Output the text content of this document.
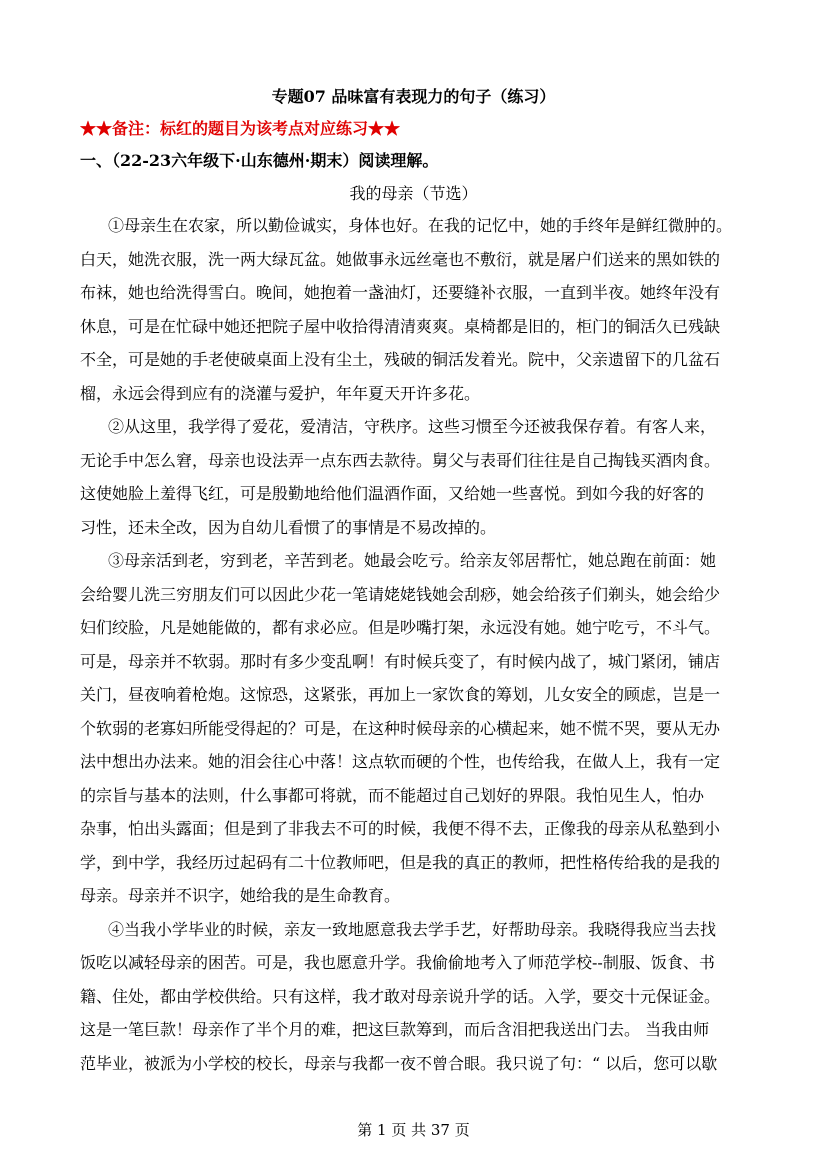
专题07 品味富有表现力的句子（练习）
★★备注：标红的题目为该考点对应练习★★
一、（22-23六年级下·山东德州·期末）阅读理解。
我的母亲（节选）
①母亲生在农家，所以勤俭诚实，身体也好。在我的记忆中，她的手终年是鲜红微肿的。
白天，她洗衣服，洗一两大绿瓦盆。她做事永远丝毫也不敷衍，就是屠户们送来的黑如铁的
布袜，她也给洗得雪白。晚间，她抱着一盏油灯，还要缝补衣服，一直到半夜。她终年没有
休息，可是在忙碌中她还把院子屋中收拾得清清爽爽。桌椅都是旧的，柜门的铜活久已残缺
不全，可是她的手老使破桌面上没有尘土，残破的铜活发着光。院中，父亲遗留下的几盆石
榴，永远会得到应有的浇灌与爱护，年年夏天开许多花。
②从这里，我学得了爱花，爱清洁，守秩序。这些习惯至今还被我保存着。有客人来，
无论手中怎么窘，母亲也设法弄一点东西去款待。舅父与表哥们往往是自己掏钱买酒肉食。
这使她脸上羞得飞红，可是殷勤地给他们温酒作面，又给她一些喜悦。到如今我的好客的
习性，还未全改，因为自幼儿看惯了的事情是不易改掉的。
③母亲活到老，穷到老，辛苦到老。她最会吃亏。给亲友邻居帮忙，她总跑在前面：她
会给婴儿洗三穷朋友们可以因此少花一笔请姥姥钱她会刮痧，她会给孩子们剃头，她会给少
妇们绞脸，凡是她能做的，都有求必应。但是吵嘴打架，永远没有她。她宁吃亏，不斗气。
可是，母亲并不软弱。那时有多少变乱啊！有时候兵变了，有时候内战了，城门紧闭，铺店
关门，昼夜响着枪炮。这惊恐，这紧张，再加上一家饮食的筹划，儿女安全的顾虑，岂是一
个软弱的老寡妇所能受得起的？可是，在这种时候母亲的心横起来，她不慌不哭，要从无办
法中想出办法来。她的泪会往心中落！这点软而硬的个性，也传给我，在做人上，我有一定
的宗旨与基本的法则，什么事都可将就，而不能超过自己划好的界限。我怕见生人，怕办
杂事，怕出头露面；但是到了非我去不可的时候，我便不得不去，正像我的母亲从私塾到小
学，到中学，我经历过起码有二十位教师吧，但是我的真正的教师，把性格传给我的是我的
母亲。母亲并不识字，她给我的是生命教育。
④当我小学毕业的时候，亲友一致地愿意我去学手艺，好帮助母亲。我晓得我应当去找
饭吃以减轻母亲的困苦。可是，我也愿意升学。我偷偷地考入了师范学校--制服、饭食、书
籍、住处，都由学校供给。只有这样，我才敢对母亲说升学的话。入学，要交十元保证金。
这是一笔巨款！母亲作了半个月的难，把这巨款筹到，而后含泪把我送出门去。 当我由师
范毕业，被派为小学校的校长，母亲与我都一夜不曾合眼。我只说了句：“ 以后，您可以歇
第 1 页 共 37 页
